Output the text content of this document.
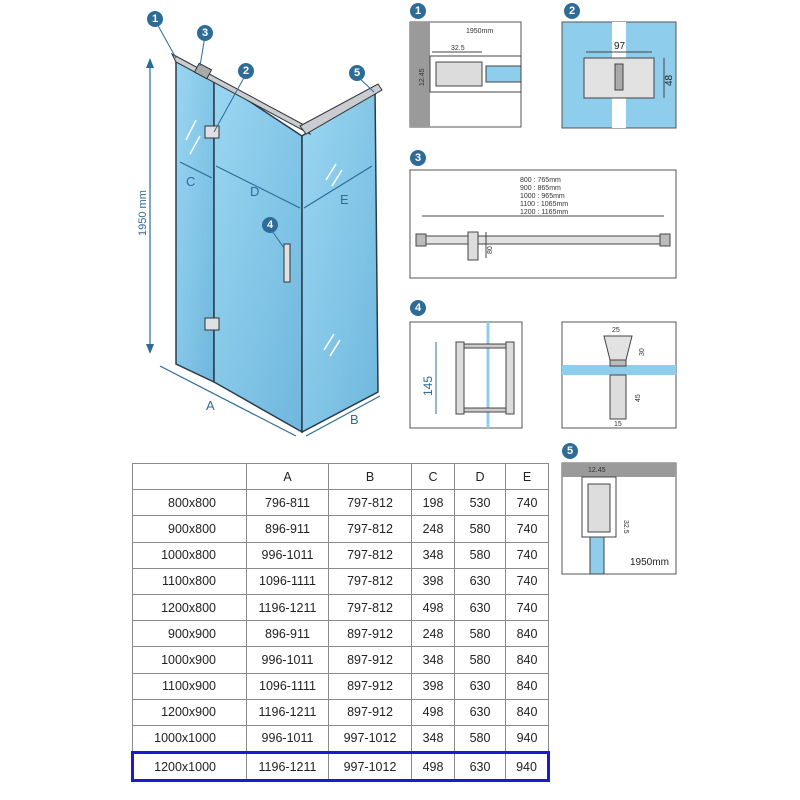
1950 mm
C
D
E
A
B
1
3
2	5
4
1
1950mm
32.5
12.45
2
97
48
3
800 : 765mm
900 : 865mm
1000 : 965mm
1100 : 1065mm
1200 : 1165mm
80
4
145
25
30
45
15
5
12.45
32.5
1950mm
	A	B	C	D	E
800x800	796-811	797-812	198	530	740
900x800	896-911	797-812	248	580	740
1000x800	996-1011	797-812	348	580	740
1100x800	1096-1111	797-812	398	630	740
1200x800	1196-1211	797-812	498	630	740
900x900	896-911	897-912	248	580	840
1000x900	996-1011	897-912	348	580	840
1100x900	1096-1111	897-912	398	630	840
1200x900	1196-1211	897-912	498	630	840
1000x1000	996-1011	997-1012	348	580	940
1200x1000	1196-1211	997-1012	498	630	940
